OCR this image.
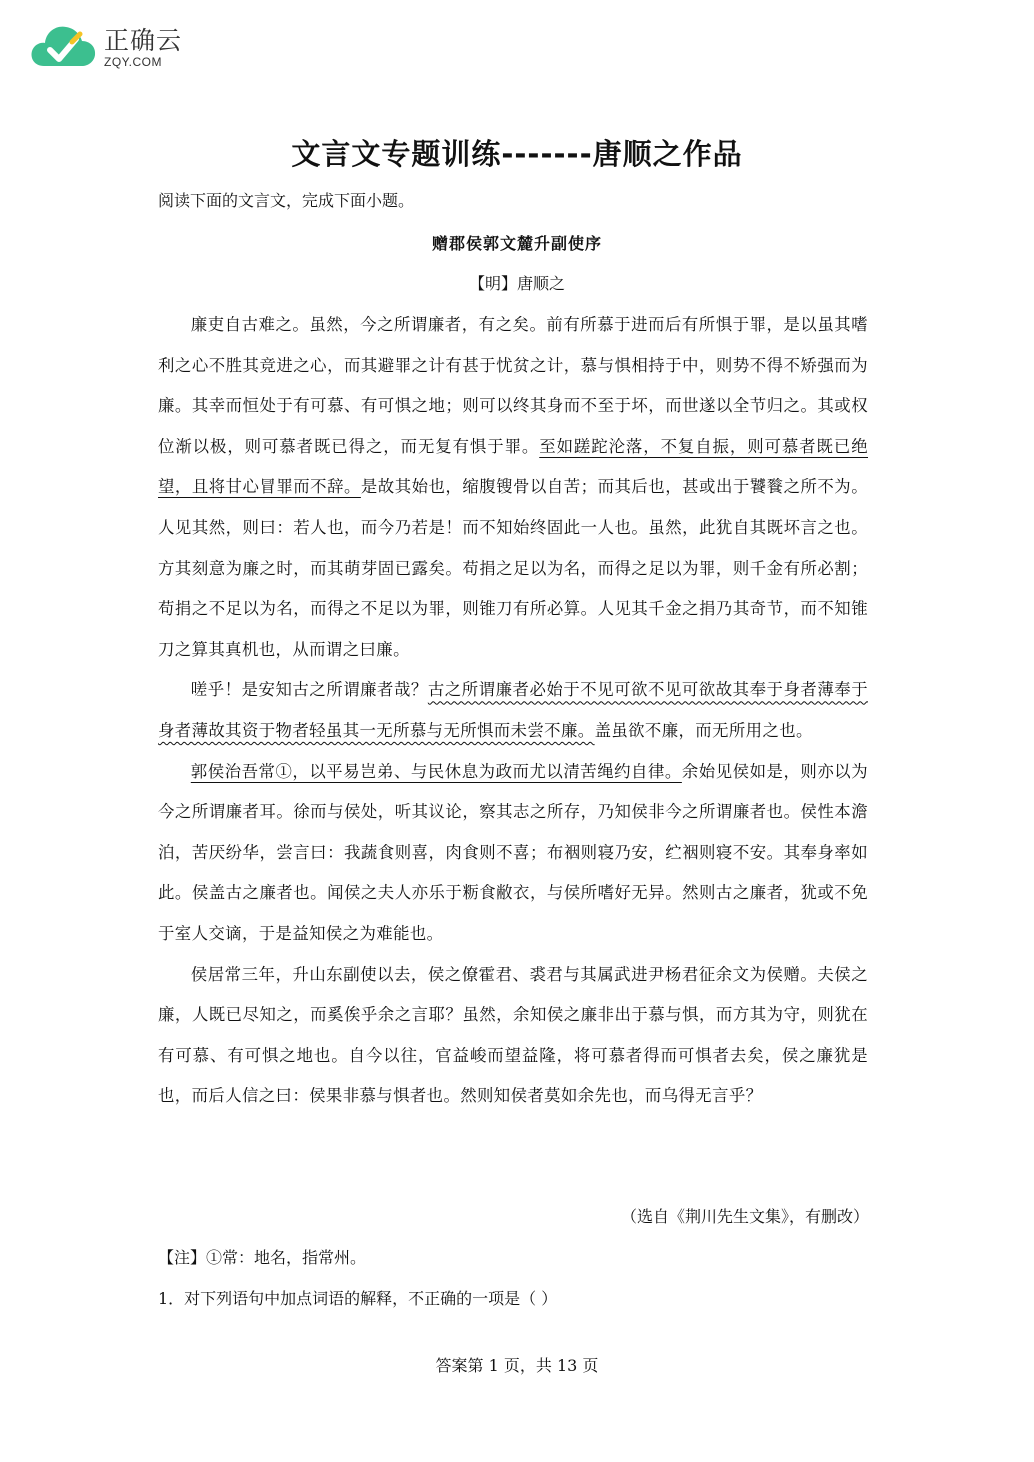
正确云
ZQY.COM
文言文专题训练-------唐顺之作品
阅读下面的文言文，完成下面小题。
赠郡侯郭文麓升副使序
【明】唐顺之

廉吏自古难之。虽然，今之所谓廉者，有之矣。前有所慕于进而后有所惧于罪，是以虽其嗜利之心不胜其竞进之心，而其避罪之计有甚于忧贫之计，慕与惧相持于中，则势不得不矫强而为廉。其幸而恒处于有可慕、有可惧之地；则可以终其身而不至于坏，而世遂以全节归之。其或权位渐以极，则可慕者既已得之，而无复有惧于罪。至如蹉跎沦落，不复自振，则可慕者既已绝望，且将甘心冒罪而不辞。是故其始也，缩腹锼骨以自苦；而其后也，甚或出于饕餮之所不为。人见其然，则曰：若人也，而今乃若是！而不知始终固此一人也。虽然，此犹自其既坏言之也。方其刻意为廉之时，而其萌芽固已露矣。苟捐之足以为名，而得之足以为罪，则千金有所必割；苟捐之不足以为名，而得之不足以为罪，则锥刀有所必算。人见其千金之捐乃其奇节，而不知锥刀之算其真机也，从而谓之曰廉。

嗟乎！是安知古之所谓廉者哉？古之所谓廉者必始于不见可欲不见可欲故其奉于身者薄奉于身者薄故其资于物者轻虽其一无所慕与无所惧而未尝不廉。盖虽欲不廉，而无所用之也。

郭侯治吾常①，以平易岂弟、与民休息为政而尤以清苦绳约自律。余始见侯如是，则亦以为今之所谓廉者耳。徐而与侯处，听其议论，察其志之所存，乃知侯非今之所谓廉者也。侯性本澹泊，苦厌纷华，尝言曰：我蔬食则喜，肉食则不喜；布裀则寝乃安，纻裀则寝不安。其奉身率如此。侯盖古之廉者也。闻侯之夫人亦乐于粝食敝衣，与侯所嗜好无异。然则古之廉者，犹或不免于室人交谪，于是益知侯之为难能也。

侯居常三年，升山东副使以去，侯之僚霍君、裘君与其属武进尹杨君征余文为侯赠。夫侯之廉，人既已尽知之，而奚俟乎余之言耶？虽然，余知侯之廉非出于慕与惧，而方其为守，则犹在有可慕、有可惧之地也。自今以往，官益峻而望益隆，将可慕者得而可惧者去矣，侯之廉犹是也，而后人信之曰：侯果非慕与惧者也。然则知侯者莫如余先也，而乌得无言乎？

（选自《荆川先生文集》，有删改）
【注】①常：地名，指常州。
1．对下列语句中加点词语的解释，不正确的一项是（ ）
答案第 1 页，共 13 页
